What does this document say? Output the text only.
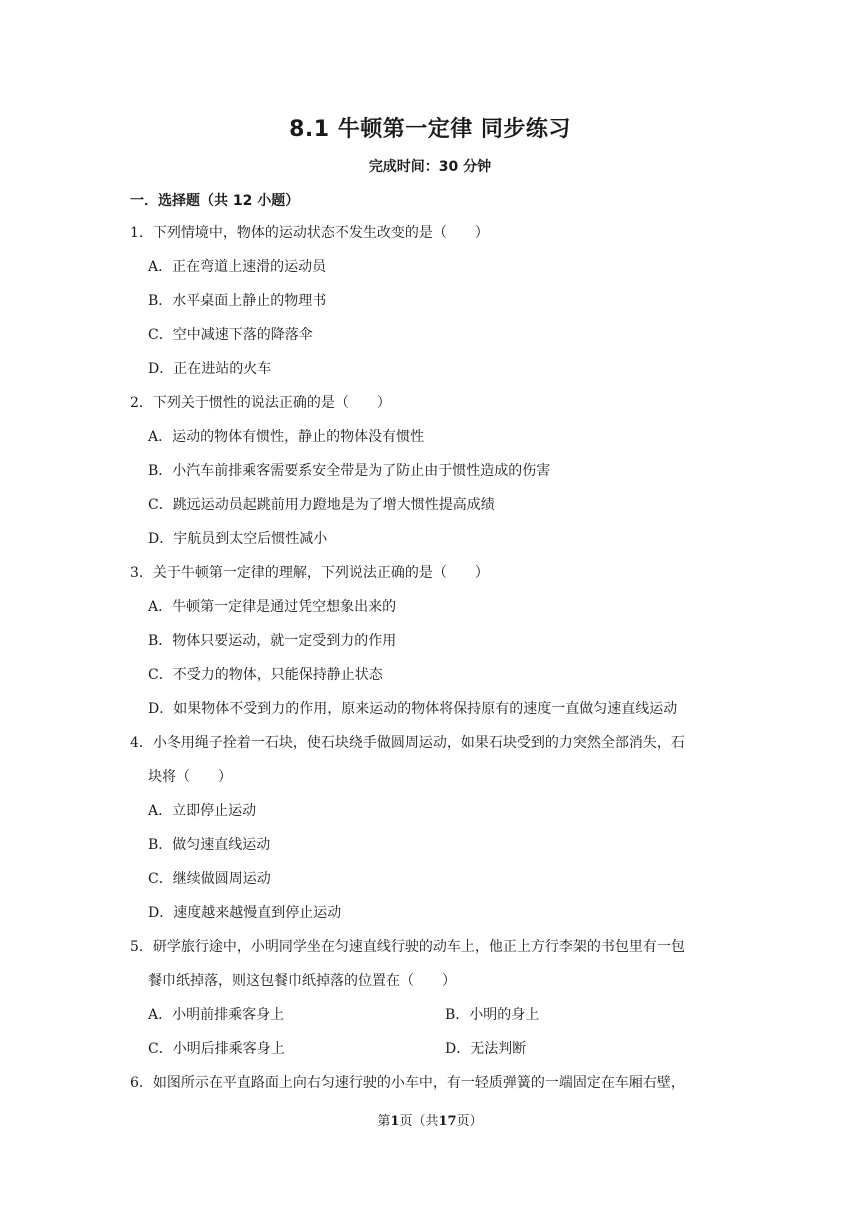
8.1 牛顿第一定律 同步练习
完成时间：30 分钟
一．选择题（共 12 小题）
1．下列情境中，物体的运动状态不发生改变的是（　　）
A．正在弯道上速滑的运动员
B．水平桌面上静止的物理书
C．空中减速下落的降落伞
D．正在进站的火车
2．下列关于惯性的说法正确的是（　　）
A．运动的物体有惯性，静止的物体没有惯性
B．小汽车前排乘客需要系安全带是为了防止由于惯性造成的伤害
C．跳远运动员起跳前用力蹬地是为了增大惯性提高成绩
D．宇航员到太空后惯性减小
3．关于牛顿第一定律的理解，下列说法正确的是（　　）
A．牛顿第一定律是通过凭空想象出来的
B．物体只要运动，就一定受到力的作用
C．不受力的物体，只能保持静止状态
D．如果物体不受到力的作用，原来运动的物体将保持原有的速度一直做匀速直线运动
4．小冬用绳子拴着一石块，使石块绕手做圆周运动，如果石块受到的力突然全部消失，石
块将（　　）
A．立即停止运动
B．做匀速直线运动
C．继续做圆周运动
D．速度越来越慢直到停止运动
5．研学旅行途中，小明同学坐在匀速直线行驶的动车上，他正上方行李架的书包里有一包
餐巾纸掉落，则这包餐巾纸掉落的位置在（　　）
A．小明前排乘客身上	B．小明的身上
C．小明后排乘客身上	D．无法判断
6．如图所示在平直路面上向右匀速行驶的小车中，有一轻质弹簧的一端固定在车厢右壁，
第1页（共17页）
